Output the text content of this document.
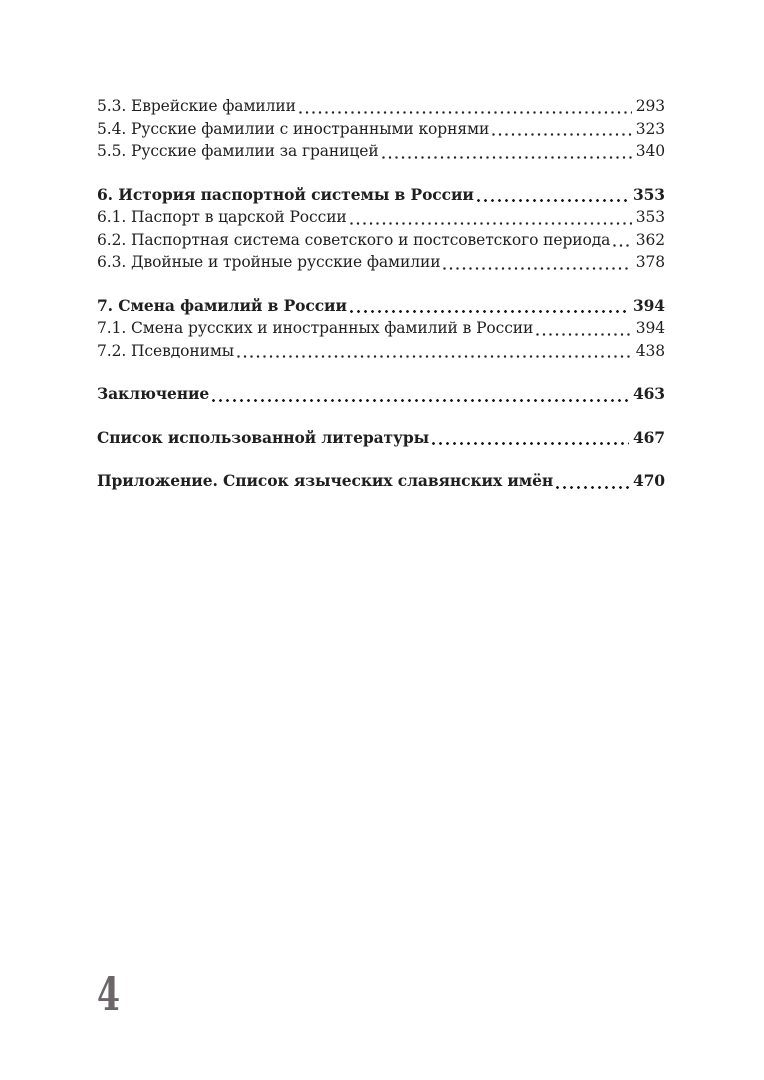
5.3. Еврейские фамилии	293
5.4. Русские фамилии с иностранными корнями	323
5.5. Русские фамилии за границей	340
6. История паспортной системы в России	353
6.1. Паспорт в царской России	353
6.2. Паспортная система советского и постсоветского периода 362
6.3. Двойные и тройные русские фамилии	378
7. Смена фамилий в России	394
7.1. Смена русских и иностранных фамилий в России	394
7.2. Псевдонимы	438
Заключение	463
Список использованной литературы	467
Приложение. Список языческих славянских имён	470
4
